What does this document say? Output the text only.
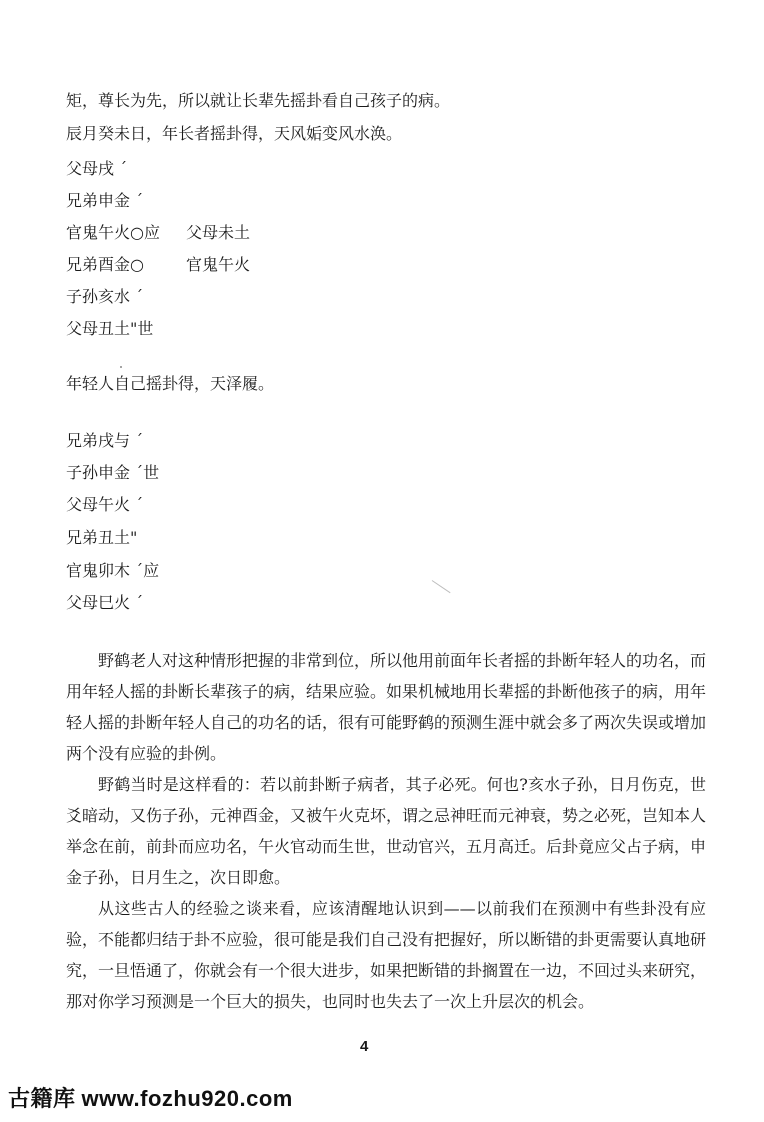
矩，尊长为先，所以就让长辈先摇卦看自己孩子的病。

辰月癸未日，年长者摇卦得，天风姤变风水涣。

父母戌 ˊ

兄弟申金 ˊ

官鬼午火○应 父母未土

兄弟酉金○	官鬼午火

子孙亥水 ˊ

父母丑土"世

年轻人自己摇卦得，天泽履。

兄弟戌与 ˊ

子孙申金 ˊ世

父母午火 ˊ

兄弟丑土"

官鬼卯木 ˊ应

父母巳火 ˊ

野鹤老人对这种情形把握的非常到位，所以他用前面年长者摇的卦断年轻人的功名，而用年轻人摇的卦断长辈孩子的病，结果应验。如果机械地用长辈摇的卦断他孩子的病，用年轻人摇的卦断年轻人自己的功名的话，很有可能野鹤的预测生涯中就会多了两次失误或增加两个没有应验的卦例。

野鹤当时是这样看的：若以前卦断子病者，其子必死。何也?亥水子孙，日月伤克，世爻暗动，又伤子孙，元神酉金，又被午火克坏，谓之忌神旺而元神衰，势之必死，岂知本人举念在前，前卦而应功名，午火官动而生世，世动官兴，五月高迁。后卦竟应父占子病，申金子孙，日月生之，次日即愈。

从这些古人的经验之谈来看，应该清醒地认识到——以前我们在预测中有些卦没有应验，不能都归结于卦不应验，很可能是我们自己没有把握好，所以断错的卦更需要认真地研究，一旦悟通了，你就会有一个很大进步，如果把断错的卦搁置在一边，不回过头来研究，那对你学习预测是一个巨大的损失，也同时也失去了一次上升层次的机会。

4
古籍库 www.fozhu920.com
